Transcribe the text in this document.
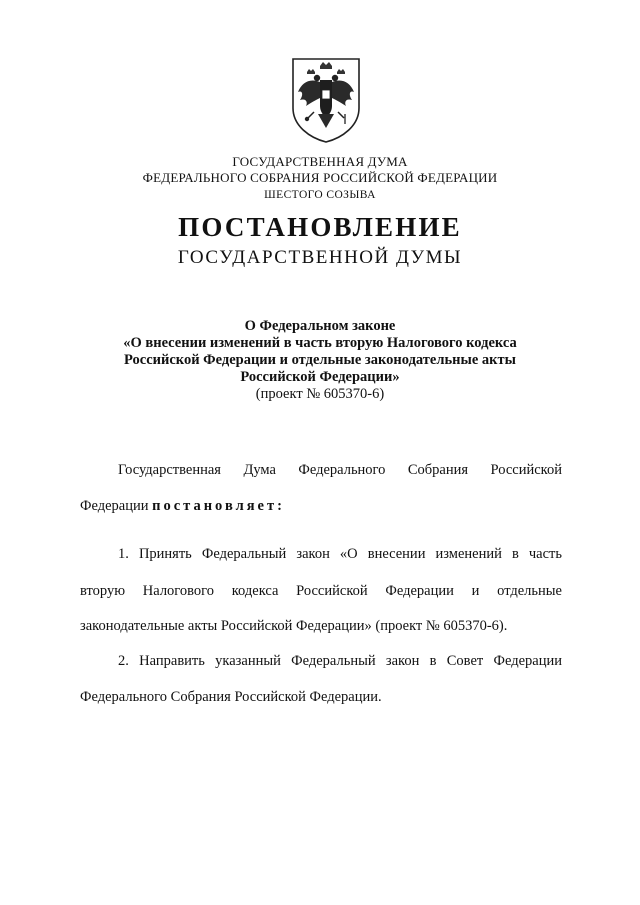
ГОСУДАРСТВЕННАЯ ДУМА
ФЕДЕРАЛЬНОГО СОБРАНИЯ РОССИЙСКОЙ ФЕДЕРАЦИИ
ШЕСТОГО СОЗЫВА
ПОСТАНОВЛЕНИЕ
ГОСУДАРСТВЕННОЙ ДУМЫ
О Федеральном законе
«О внесении изменений в часть вторую Налогового кодекса
Российской Федерации и отдельные законодательные акты
Российской Федерации»
(проект № 605370-6)
Государственная Дума Федерального Собрания Российской
Федерации постановляет:
1. Принять Федеральный закон «О внесении изменений в часть
вторую Налогового кодекса Российской Федерации и отдельные
законодательные акты Российской Федерации» (проект № 605370-6).
2. Направить указанный Федеральный закон в Совет Федерации
Федерального Собрания Российской Федерации.
